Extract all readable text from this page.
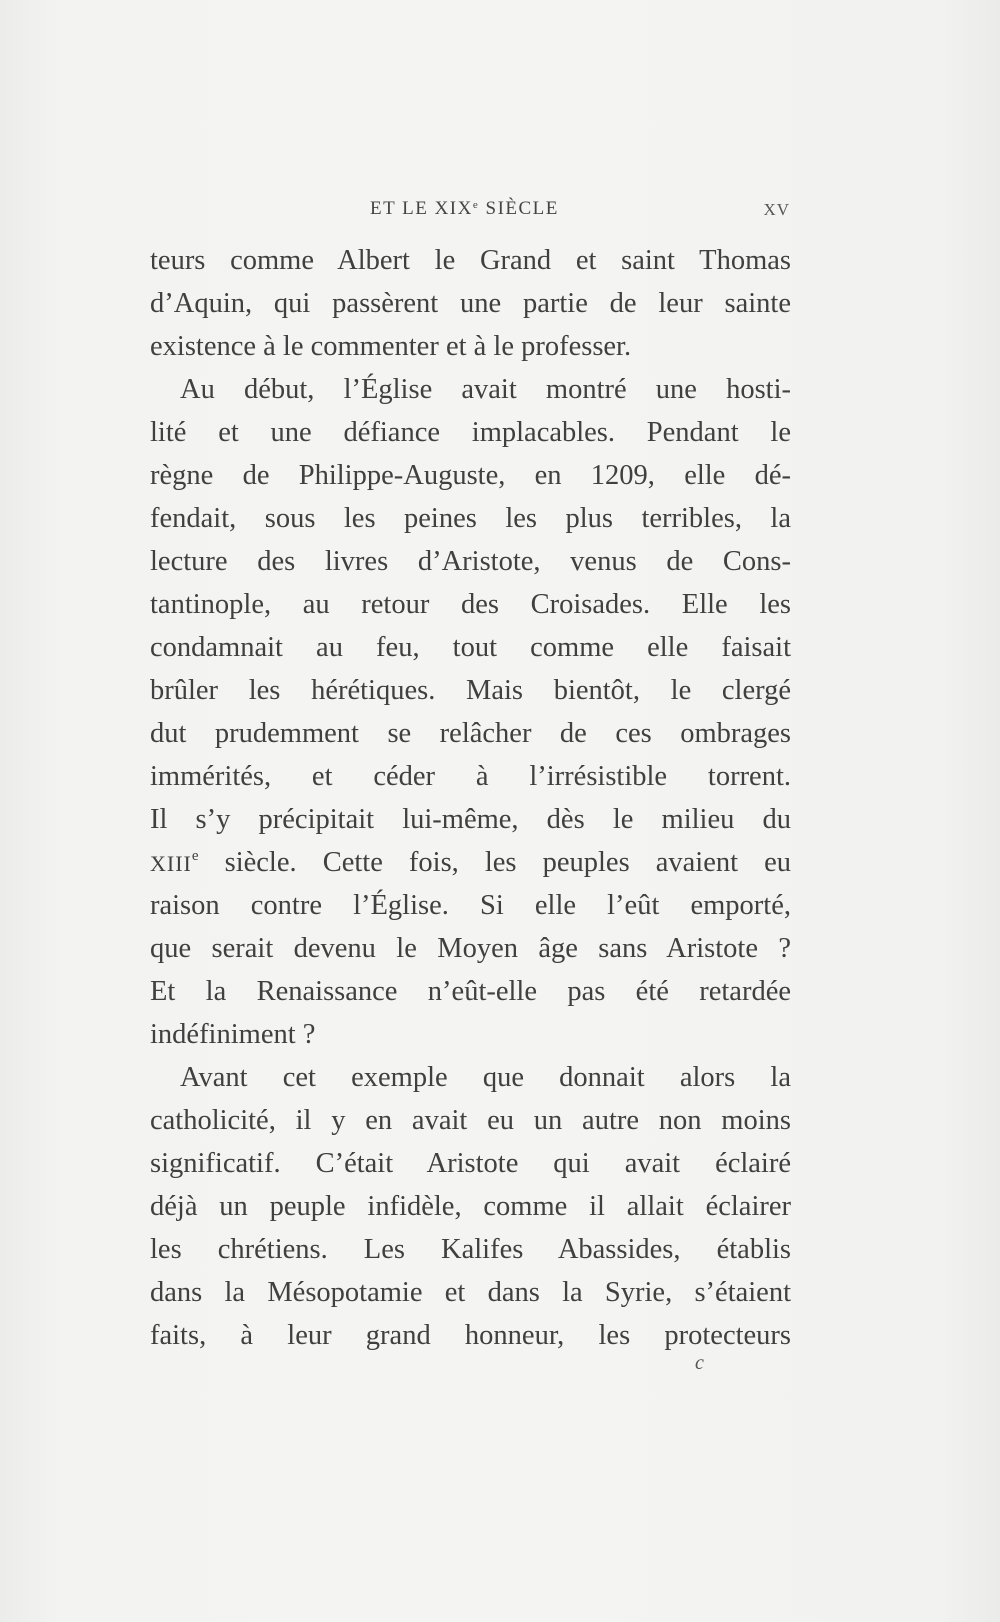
ET LE XIXe SIÈCLE	XV
teurs comme Albert le Grand et saint Thomas
d’Aquin, qui passèrent une partie de leur sainte
existence à le commenter et à le professer.
Au début, l’Église avait montré une hosti-
lité et une défiance implacables. Pendant le
règne de Philippe-Auguste, en 1209, elle dé-
fendait, sous les peines les plus terribles, la
lecture des livres d’Aristote, venus de Cons-
tantinople, au retour des Croisades. Elle les
condamnait au feu, tout comme elle faisait
brûler les hérétiques. Mais bientôt, le clergé
dut prudemment se relâcher de ces ombrages
immérités, et céder à l’irrésistible torrent.
Il s’y précipitait lui-même, dès le milieu du
XIIIe siècle. Cette fois, les peuples avaient eu
raison contre l’Église. Si elle l’eût emporté,
que serait devenu le Moyen âge sans Aristote ?
Et la Renaissance n’eût-elle pas été retardée
indéfiniment ?
Avant cet exemple que donnait alors la
catholicité, il y en avait eu un autre non moins
significatif. C’était Aristote qui avait éclairé
déjà un peuple infidèle, comme il allait éclairer
les chrétiens. Les Kalifes Abassides, établis
dans la Mésopotamie et dans la Syrie, s’étaient
faits, à leur grand honneur, les protecteurs
c
